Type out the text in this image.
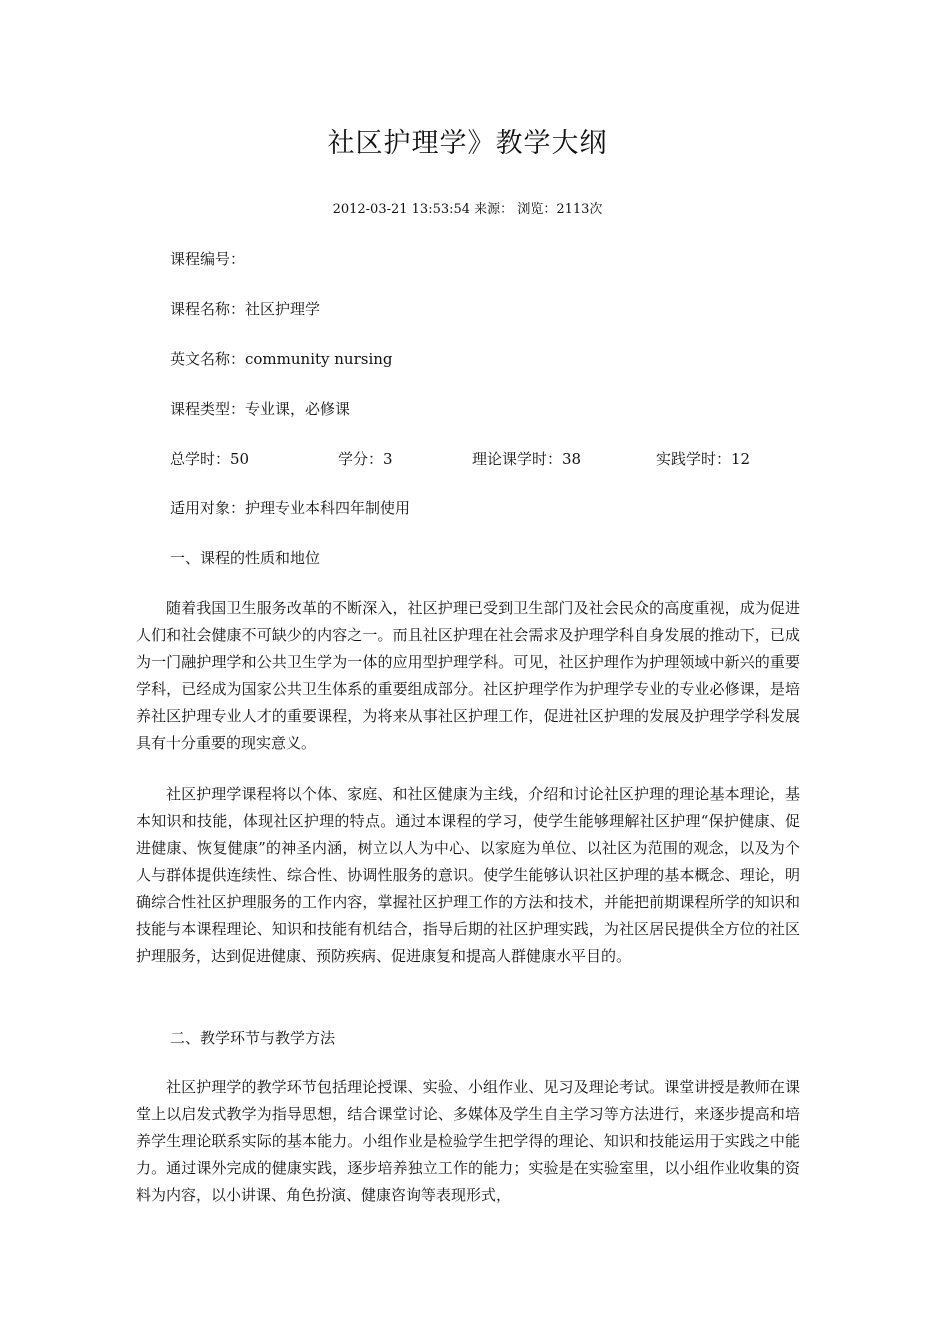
社区护理学》教学大纲
2012-03-21 13:53:54 来源： 浏览：2113次
课程编号：
课程名称：社区护理学
英文名称：community nursing
课程类型：专业课，必修课
总学时：50	学分：3	理论课学时：38	实践学时：12
适用对象：护理专业本科四年制使用
一、课程的性质和地位

随着我国卫生服务改革的不断深入，社区护理已受到卫生部门及社会民众的高度重视，成为促进人们和社会健康不可缺少的内容之一。而且社区护理在社会需求及护理学科自身发展的推动下，已成为一门融护理学和公共卫生学为一体的应用型护理学科。可见，社区护理作为护理领域中新兴的重要学科，已经成为国家公共卫生体系的重要组成部分。社区护理学作为护理学专业的专业必修课，是培养社区护理专业人才的重要课程，为将来从事社区护理工作，促进社区护理的发展及护理学学科发展具有十分重要的现实意义。

社区护理学课程将以个体、家庭、和社区健康为主线，介绍和讨论社区护理的理论基本理论，基本知识和技能，体现社区护理的特点。通过本课程的学习，使学生能够理解社区护理“保护健康、促进健康、恢复健康”的神圣内涵，树立以人为中心、以家庭为单位、以社区为范围的观念，以及为个人与群体提供连续性、综合性、协调性服务的意识。使学生能够认识社区护理的基本概念、理论，明确综合性社区护理服务的工作内容，掌握社区护理工作的方法和技术，并能把前期课程所学的知识和技能与本课程理论、知识和技能有机结合，指导后期的社区护理实践，为社区居民提供全方位的社区护理服务，达到促进健康、预防疾病、促进康复和提高人群健康水平目的。

二、教学环节与教学方法

社区护理学的教学环节包括理论授课、实验、小组作业、见习及理论考试。课堂讲授是教师在课堂上以启发式教学为指导思想，结合课堂讨论、多媒体及学生自主学习等方法进行，来逐步提高和培养学生理论联系实际的基本能力。小组作业是检验学生把学得的理论、知识和技能运用于实践之中能力。通过课外完成的健康实践，逐步培养独立工作的能力；实验是在实验室里，以小组作业收集的资料为内容，以小讲课、角色扮演、健康咨询等表现形式，
